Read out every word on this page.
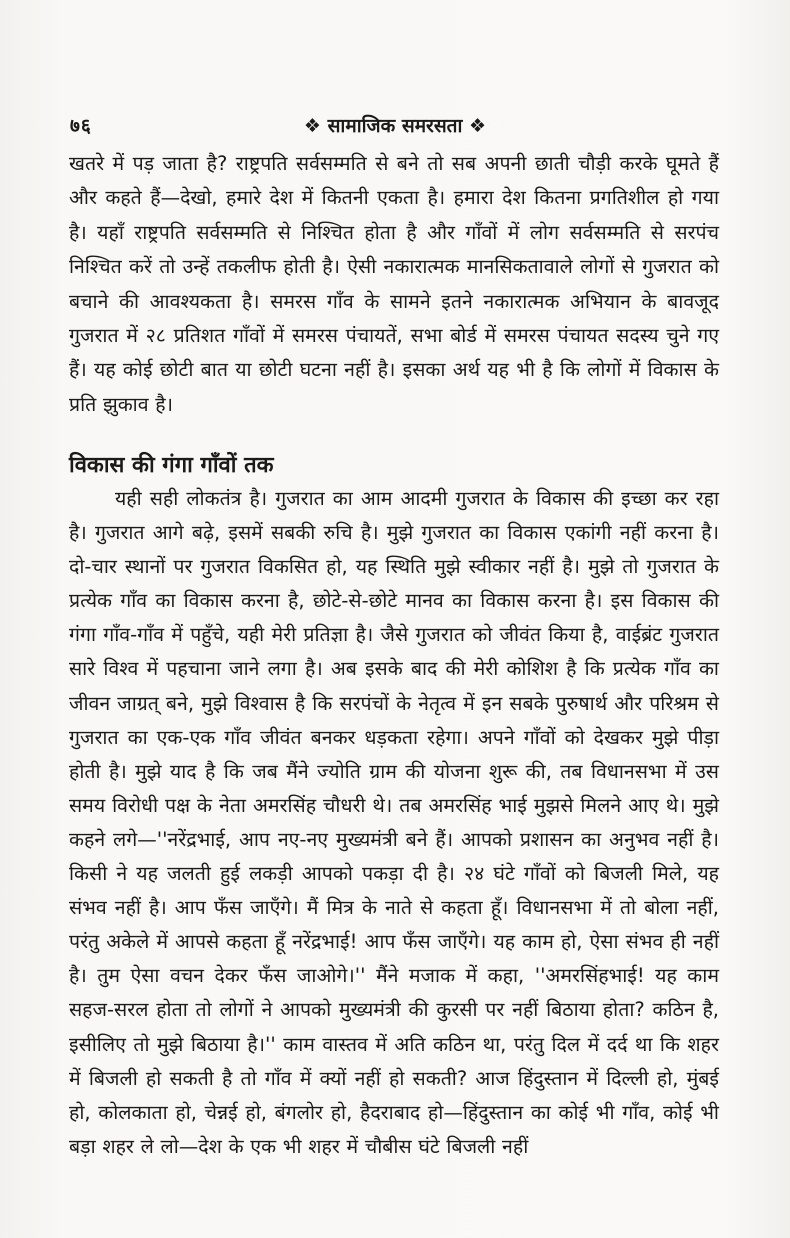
७६	❖ सामाजिक समरसता ❖

खतरे में पड़ जाता है? राष्ट्रपति सर्वसम्मति से बने तो सब अपनी छाती चौड़ी करके घूमते हैं और कहते हैं—देखो, हमारे देश में कितनी एकता है। हमारा देश कितना प्रगतिशील हो गया है। यहाँ राष्ट्रपति सर्वसम्मति से निश्चित होता है और गाँवों में लोग सर्वसम्मति से सरपंच निश्चित करें तो उन्हें तकलीफ होती है। ऐसी नकारात्मक मानसिकतावाले लोगों से गुजरात को बचाने की आवश्यकता है। समरस गाँव के सामने इतने नकारात्मक अभियान के बावजूद गुजरात में २८ प्रतिशत गाँवों में समरस पंचायतें, सभा बोर्ड में समरस पंचायत सदस्य चुने गए हैं। यह कोई छोटी बात या छोटी घटना नहीं है। इसका अर्थ यह भी है कि लोगों में विकास के प्रति झुकाव है।

विकास की गंगा गाँवों तक

यही सही लोकतंत्र है। गुजरात का आम आदमी गुजरात के विकास की इच्छा कर रहा है। गुजरात आगे बढ़े, इसमें सबकी रुचि है। मुझे गुजरात का विकास एकांगी नहीं करना है। दो-चार स्थानों पर गुजरात विकसित हो, यह स्थिति मुझे स्वीकार नहीं है। मुझे तो गुजरात के प्रत्येक गाँव का विकास करना है, छोटे-से-छोटे मानव का विकास करना है। इस विकास की गंगा गाँव-गाँव में पहुँचे, यही मेरी प्रतिज्ञा है। जैसे गुजरात को जीवंत किया है, वाईब्रंट गुजरात सारे विश्व में पहचाना जाने लगा है। अब इसके बाद की मेरी कोशिश है कि प्रत्येक गाँव का जीवन जाग्रत् बने, मुझे विश्वास है कि सरपंचों के नेतृत्व में इन सबके पुरुषार्थ और परिश्रम से गुजरात का एक-एक गाँव जीवंत बनकर धड़कता रहेगा। अपने गाँवों को देखकर मुझे पीड़ा होती है। मुझे याद है कि जब मैंने ज्योति ग्राम की योजना शुरू की, तब विधानसभा में उस समय विरोधी पक्ष के नेता अमरसिंह चौधरी थे। तब अमरसिंह भाई मुझसे मिलने आए थे। मुझे कहने लगे—''नरेंद्रभाई, आप नए-नए मुख्यमंत्री बने हैं। आपको प्रशासन का अनुभव नहीं है। किसी ने यह जलती हुई लकड़ी आपको पकड़ा दी है। २४ घंटे गाँवों को बिजली मिले, यह संभव नहीं है। आप फँस जाएँगे। मैं मित्र के नाते से कहता हूँ। विधानसभा में तो बोला नहीं, परंतु अकेले में आपसे कहता हूँ नरेंद्रभाई! आप फँस जाएँगे। यह काम हो, ऐसा संभव ही नहीं है। तुम ऐसा वचन देकर फँस जाओगे।'' मैंने मजाक में कहा, ''अमरसिंहभाई! यह काम सहज-सरल होता तो लोगों ने आपको मुख्यमंत्री की कुरसी पर नहीं बिठाया होता? कठिन है, इसीलिए तो मुझे बिठाया है।'' काम वास्तव में अति कठिन था, परंतु दिल में दर्द था कि शहर में बिजली हो सकती है तो गाँव में क्यों नहीं हो सकती? आज हिंदुस्तान में दिल्ली हो, मुंबई हो, कोलकाता हो, चेन्नई हो, बंगलोर हो, हैदराबाद हो—हिंदुस्तान का कोई भी गाँव, कोई भी बड़ा शहर ले लो—देश के एक भी शहर में चौबीस घंटे बिजली नहीं
